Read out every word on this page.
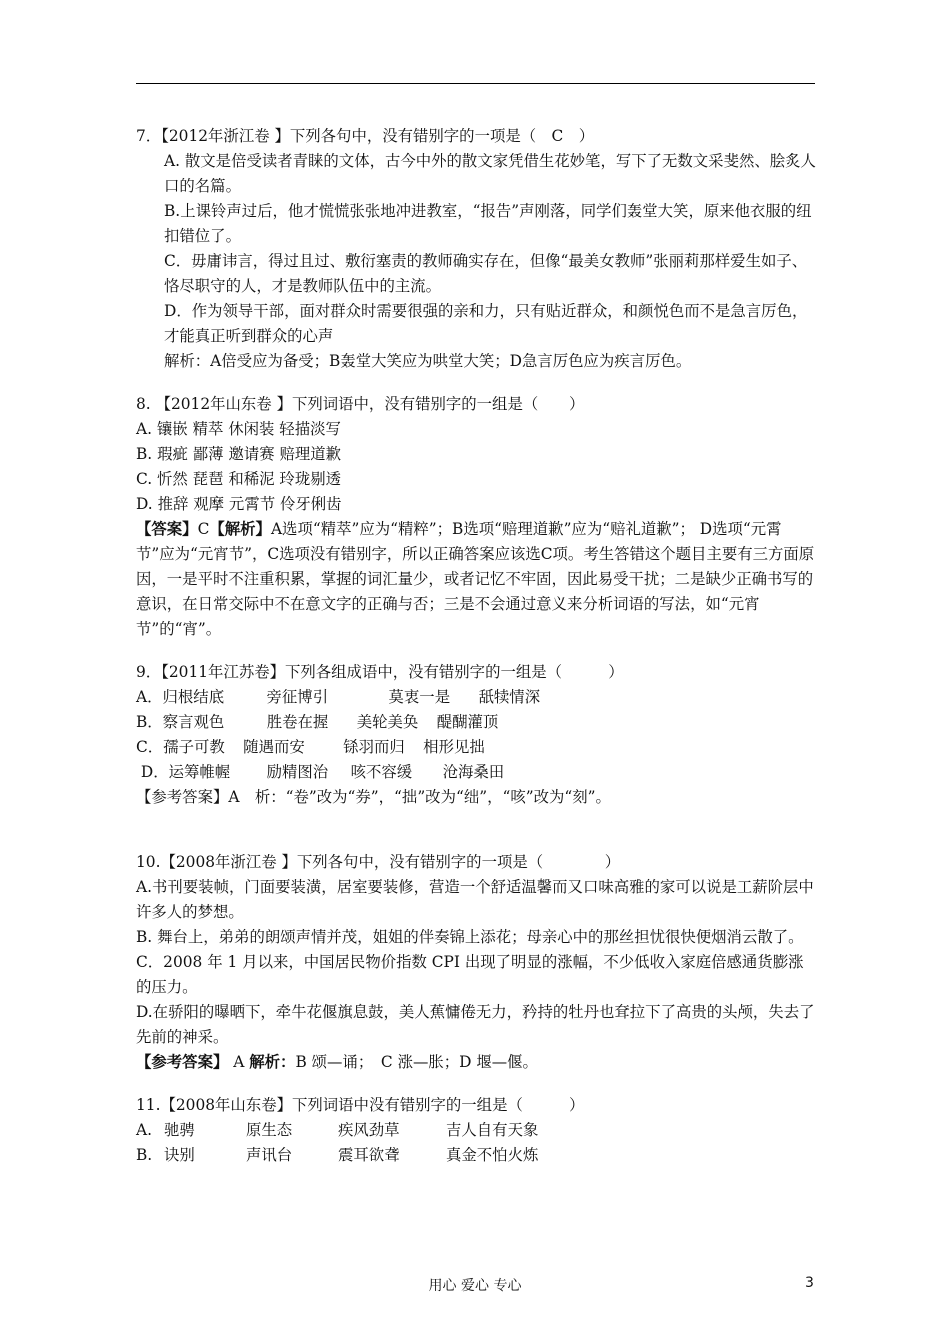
7．【2012年浙江卷 】下列各句中，没有错别字的一项是（　C　）
A. 散文是倍受读者青睐的文体，古今中外的散文家凭借生花妙笔，写下了无数文采斐然、脍炙人口的名篇。
B.上课铃声过后，他才慌慌张张地冲进教室，“报告”声刚落，同学们轰堂大笑，原来他衣服的纽扣错位了。
C．毋庸讳言，得过且过、敷衍塞责的教师确实存在，但像“最美女教师”张丽莉那样爱生如子、恪尽职守的人，才是教师队伍中的主流。
D．作为领导干部，面对群众时需要很强的亲和力，只有贴近群众，和颜悦色而不是急言厉色，才能真正听到群众的心声
解析：A倍受应为备受；B轰堂大笑应为哄堂大笑；D急言厉色应为疾言厉色。
8. 【2012年山东卷 】下列词语中，没有错别字的一组是（　　）
A. 镶嵌 精萃 休闲装 轻描淡写
B. 瑕疵 鄙薄 邀请赛 赔理道歉
C. 忻然 琵琶 和稀泥 玲珑剔透
D. 推辞 观摩 元霄节 伶牙俐齿
【答案】C【解析】A选项“精萃”应为“精粹”；B选项“赔理道歉”应为“赔礼道歉”； D选项“元霄节”应为“元宵节”，C选项没有错别字，所以正确答案应该选C项。考生答错这个题目主要有三方面原因，一是平时不注重积累，掌握的词汇量少，或者记忆不牢固，因此易受干扰；二是缺少正确书写的意识，在日常交际中不在意文字的正确与否；三是不会通过意义来分析词语的写法，如“元宵节”的“宵”。
9．【2011年江苏卷】下列各组成语中，没有错别字的一组是（　　　）
A．归根结底	旁征博引	莫衷一是 舐犊情深
B．察言观色	胜卷在握 美轮美奂 醍醐灌顶
C．孺子可教 随遇而安 铩羽而归 相形见拙
D．运筹帷幄 励精图治 咳不容缓 沧海桑田
【参考答案】A　析：“卷”改为“券”，“拙”改为“绌”，“咳”改为“刻”。
10.【2008年浙江卷 】下列各句中，没有错别字的一项是（　　　　）
A.书刊要装帧，门面要装潢，居室要装修，营造一个舒适温馨而又口味高雅的家可以说是工薪阶层中许多人的梦想。
B. 舞台上，弟弟的朗颂声情并茂，姐姐的伴奏锦上添花；母亲心中的那丝担忧很快便烟消云散了。
C．2008 年 1 月以来，中国居民物价指数 CPI 出现了明显的涨幅，不少低收入家庭倍感通货膨涨的压力。
D.在骄阳的曝晒下，牵牛花偃旗息鼓，美人蕉慵倦无力，矜持的牡丹也耷拉下了高贵的头颅，失去了先前的神采。
【参考答案】 A 解析：B 颂—诵；　C 涨—胀；D 堰—偃。
11.【2008年山东卷】下列词语中没有错别字的一组是（　　　）
A. 驰骋	原生态	疾风劲草	吉人自有天象
B. 诀别	声讯台	震耳欲聋	真金不怕火炼
用心 爱心 专心	3
